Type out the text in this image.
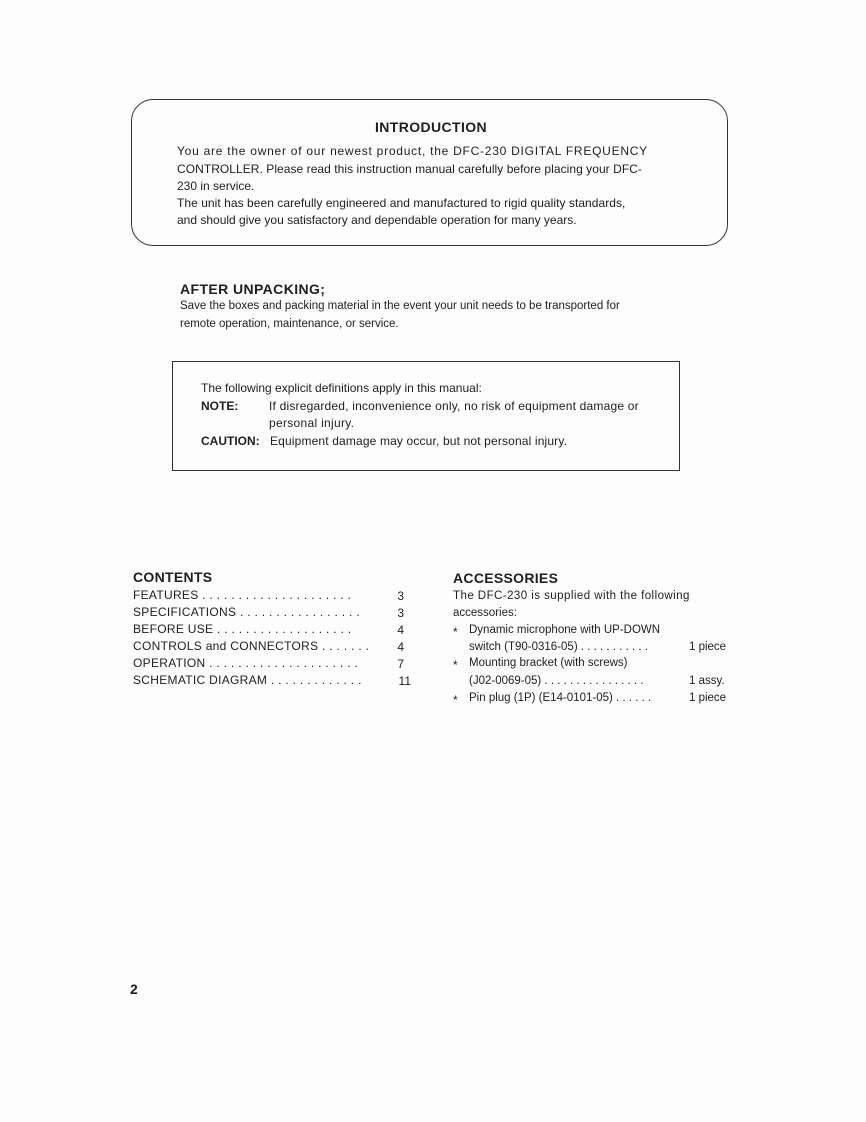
INTRODUCTION
You are the owner of our newest product, the DFC-230 DIGITAL FREQUENCY
CONTROLLER. Please read this instruction manual carefully before placing your DFC-
230 in service.
The unit has been carefully engineered and manufactured to rigid quality standards,
and should give you satisfactory and dependable operation for many years.
AFTER UNPACKING;
Save the boxes and packing material in the event your unit needs to be transported for
remote operation, maintenance, or service.
The following explicit definitions apply in this manual:
NOTE:	If disregarded, inconvenience only, no risk of equipment damage or
personal injury.
CAUTION: Equipment damage may occur, but not personal injury.
CONTENTS
FEATURES . . . . . . . . . . . . . . . . . . . . .	3
SPECIFICATIONS . . . . . . . . . . . . . . . . .	3
BEFORE USE . . . . . . . . . . . . . . . . . . .	4
CONTROLS and CONNECTORS . . . . . . .	4
OPERATION . . . . . . . . . . . . . . . . . . . . .	7
SCHEMATIC DIAGRAM . . . . . . . . . . . . .	11
ACCESSORIES
The DFC-230 is supplied with the following
accessories:
* Dynamic microphone with UP-DOWN
switch (T90-0316-05) . . . . . . . . . . .	1 piece
* Mounting bracket (with screws)
(J02-0069-05) . . . . . . . . . . . . . . . .	1 assy.
* Pin plug (1P) (E14-0101-05) . . . . . .	1 piece
2
